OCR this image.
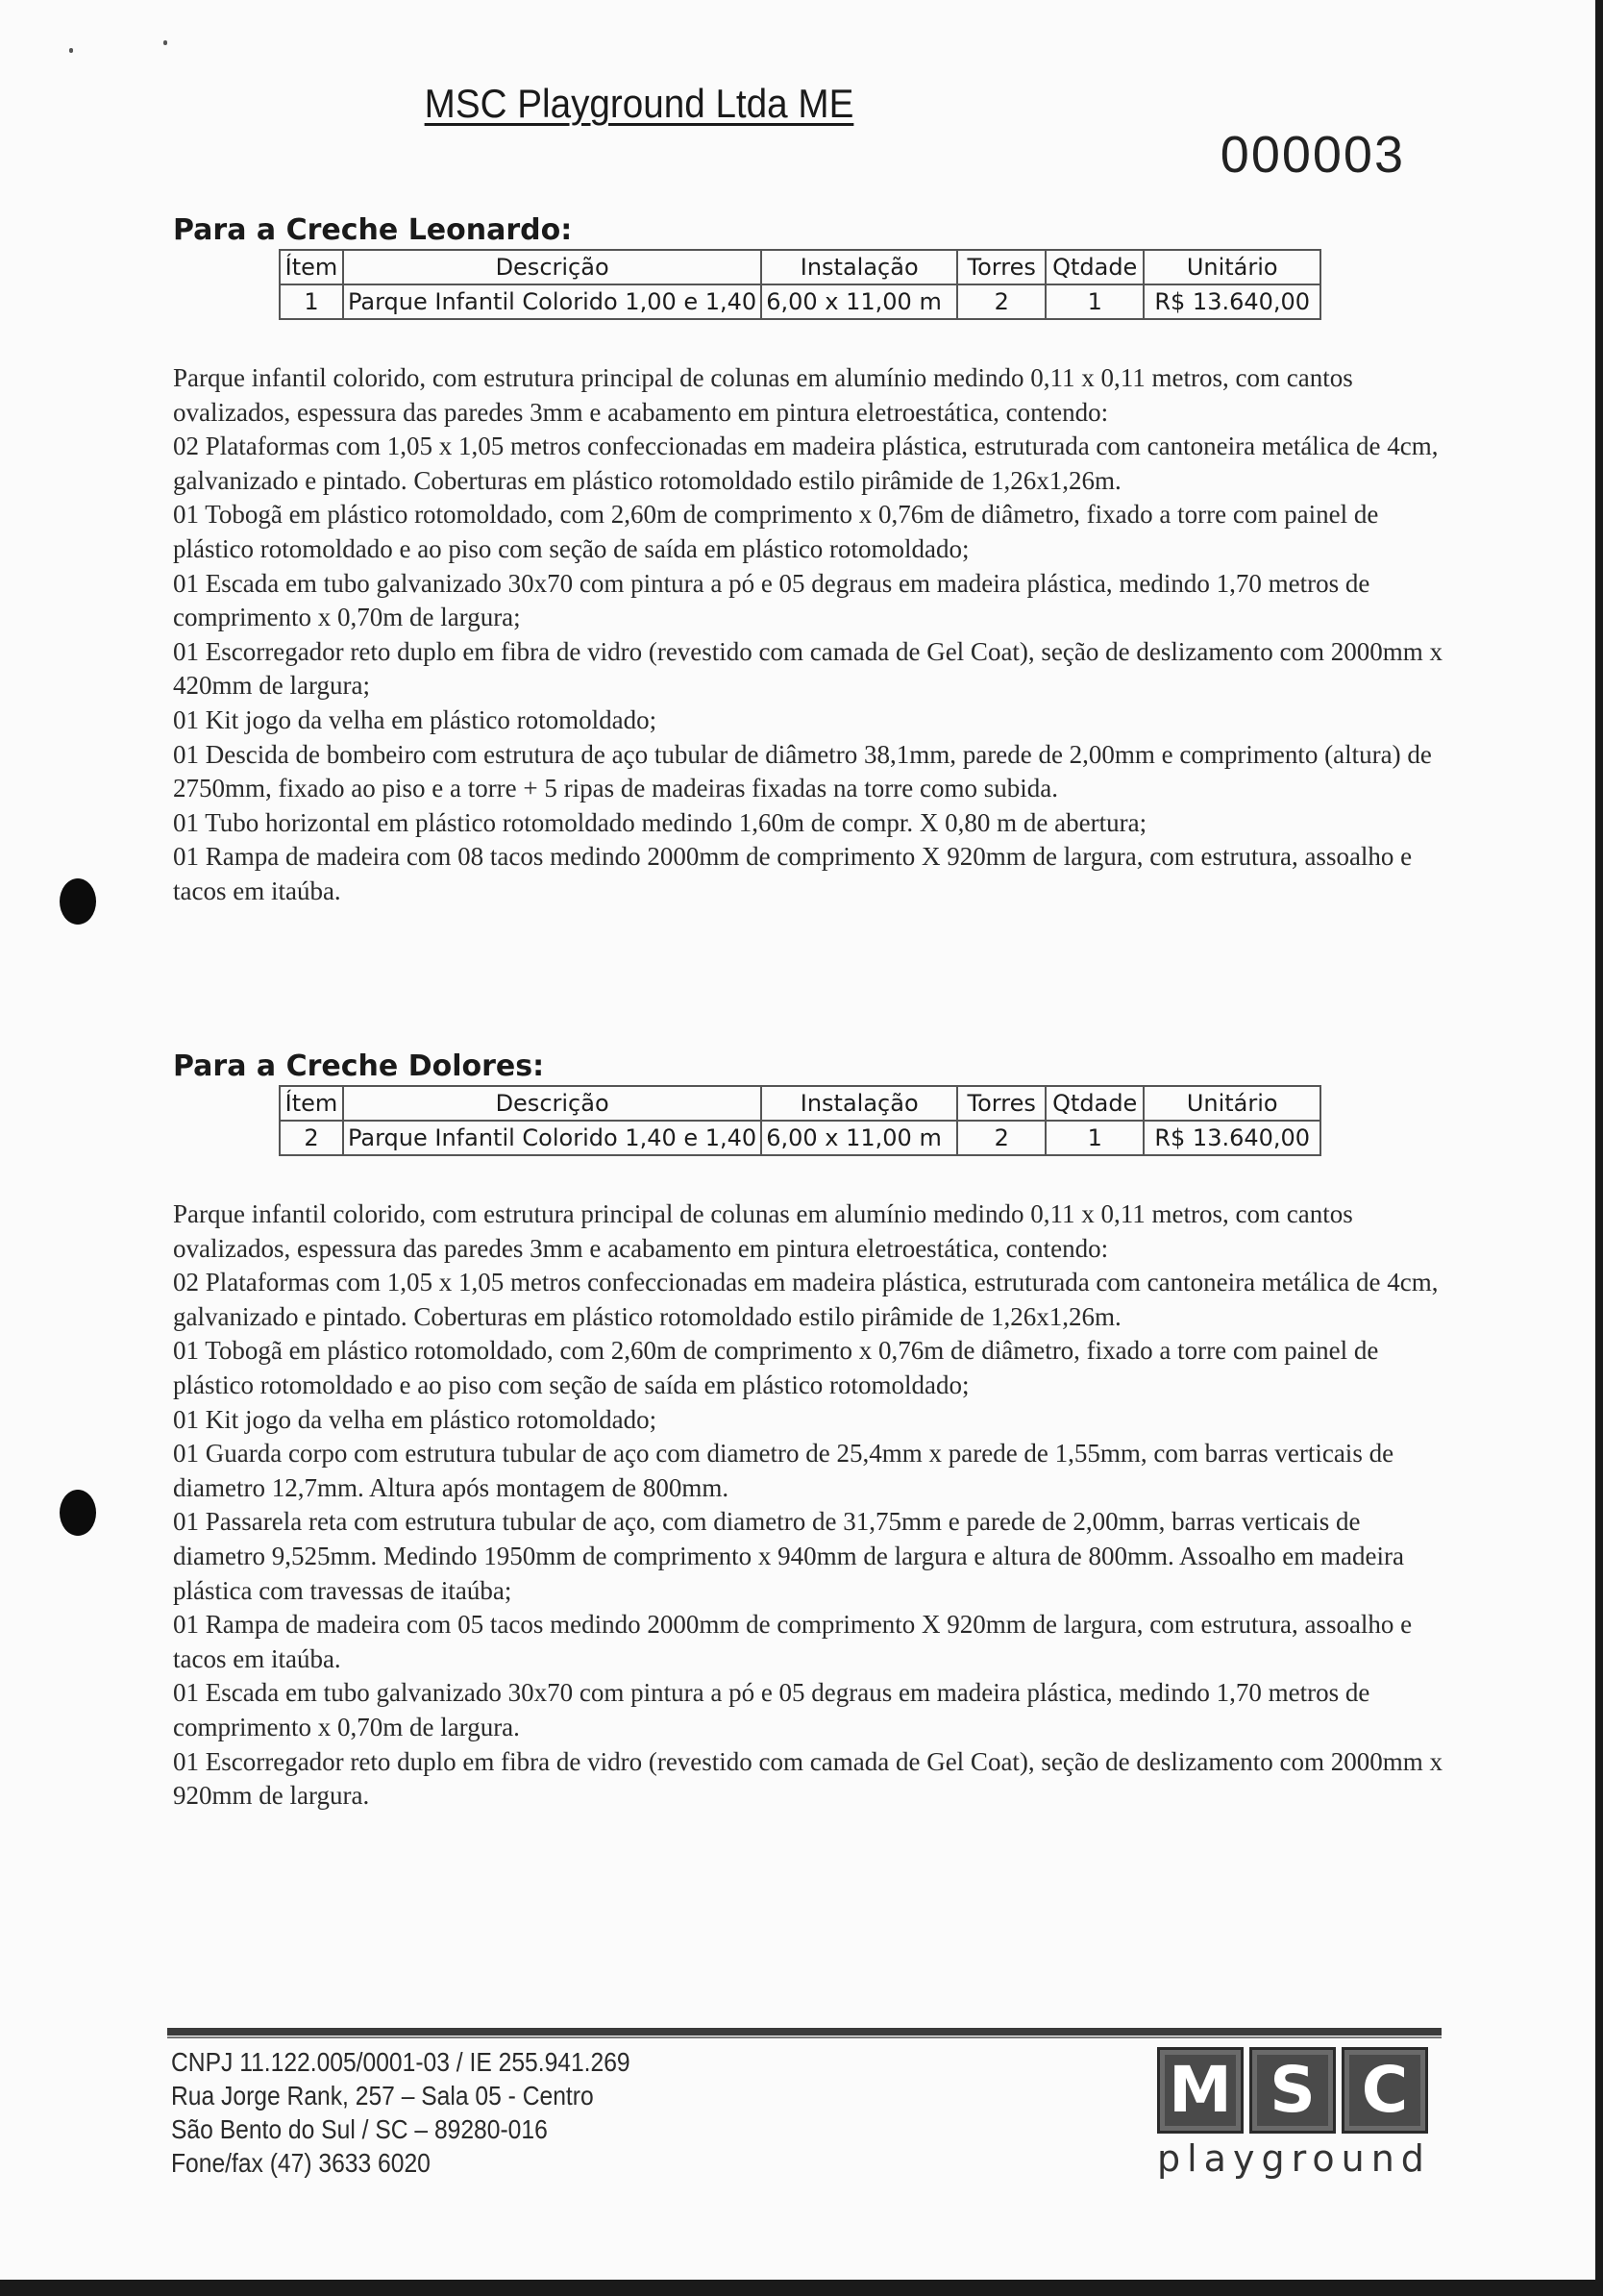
MSC Playground Ltda ME
000003
Para a Creche Leonardo:
Ítem	Descrição	Instalação	Torres	Qtdade	Unitário
1	Parque Infantil Colorido 1,00 e 1,40	6,00 x 11,00 m	2	1	R$ 13.640,00

Parque infantil colorido, com estrutura principal de colunas em alumínio medindo 0,11 x 0,11 metros, com cantos ovalizados, espessura das paredes 3mm e acabamento em pintura eletroestática, contendo:

02 Plataformas com 1,05 x 1,05 metros confeccionadas em madeira plástica, estruturada com cantoneira metálica de 4cm, galvanizado e pintado. Coberturas em plástico rotomoldado estilo pirâmide de 1,26x1,26m.

01 Tobogã em plástico rotomoldado, com 2,60m de comprimento x 0,76m de diâmetro, fixado a torre com painel de plástico rotomoldado e ao piso com seção de saída em plástico rotomoldado;

01 Escada em tubo galvanizado 30x70 com pintura a pó e 05 degraus em madeira plástica, medindo 1,70 metros de comprimento x 0,70m de largura;

01 Escorregador reto duplo em fibra de vidro (revestido com camada de Gel Coat), seção de deslizamento com 2000mm x 420mm de largura;

01 Kit jogo da velha em plástico rotomoldado;

01 Descida de bombeiro com estrutura de aço tubular de diâmetro 38,1mm, parede de 2,00mm e comprimento (altura) de 2750mm, fixado ao piso e a torre + 5 ripas de madeiras fixadas na torre como subida.

01 Tubo horizontal em plástico rotomoldado medindo 1,60m de compr. X 0,80 m de abertura;

01 Rampa de madeira com 08 tacos medindo 2000mm de comprimento X 920mm de largura, com estrutura, assoalho e tacos em itaúba.

Para a Creche Dolores:
Ítem	Descrição	Instalação	Torres	Qtdade	Unitário
2	Parque Infantil Colorido 1,40 e 1,40	6,00 x 11,00 m	2	1	R$ 13.640,00

Parque infantil colorido, com estrutura principal de colunas em alumínio medindo 0,11 x 0,11 metros, com cantos ovalizados, espessura das paredes 3mm e acabamento em pintura eletroestática, contendo:

02 Plataformas com 1,05 x 1,05 metros confeccionadas em madeira plástica, estruturada com cantoneira metálica de 4cm, galvanizado e pintado. Coberturas em plástico rotomoldado estilo pirâmide de 1,26x1,26m.

01 Tobogã em plástico rotomoldado, com 2,60m de comprimento x 0,76m de diâmetro, fixado a torre com painel de plástico rotomoldado e ao piso com seção de saída em plástico rotomoldado;

01 Kit jogo da velha em plástico rotomoldado;

01 Guarda corpo com estrutura tubular de aço com diametro de 25,4mm x parede de 1,55mm, com barras verticais de diametro 12,7mm. Altura após montagem de 800mm.

01 Passarela reta com estrutura tubular de aço, com diametro de 31,75mm e parede de 2,00mm, barras verticais de diametro 9,525mm. Medindo 1950mm de comprimento x 940mm de largura e altura de 800mm. Assoalho em madeira plástica com travessas de itaúba;

01 Rampa de madeira com 05 tacos medindo 2000mm de comprimento X 920mm de largura, com estrutura, assoalho e tacos em itaúba.

01 Escada em tubo galvanizado 30x70 com pintura a pó e 05 degraus em madeira plástica, medindo 1,70 metros de comprimento x 0,70m de largura.

01 Escorregador reto duplo em fibra de vidro (revestido com camada de Gel Coat), seção de deslizamento com 2000mm x 920mm de largura.

CNPJ 11.122.005/0001-03 / IE 255.941.269
Rua Jorge Rank, 257 – Sala 05 - Centro
São Bento do Sul / SC – 89280-016
Fone/fax (47) 3633 6020
M S C
playground
